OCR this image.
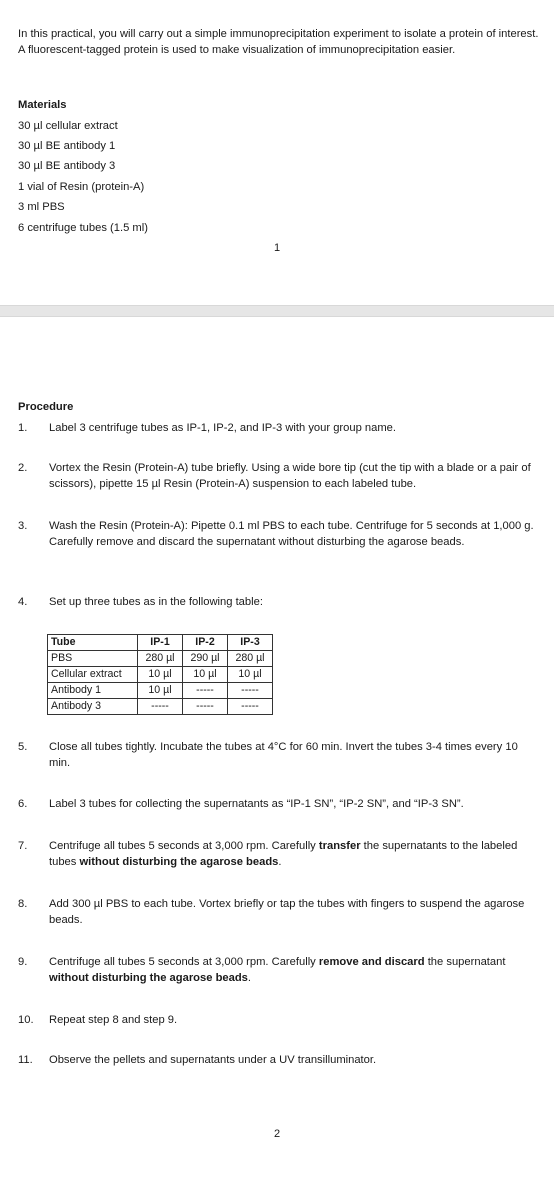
In this practical, you will carry out a simple immunoprecipitation experiment to isolate a protein of interest. A fluorescent-tagged protein is used to make visualization of immunoprecipitation easier.
Materials
30 µl cellular extract
30 µl BE antibody 1
30 µl BE antibody 3
1 vial of Resin (protein-A)
3 ml PBS
6 centrifuge tubes (1.5 ml)
1
Procedure
1.	Label 3 centrifuge tubes as IP-1, IP-2, and IP-3 with your group name.
2.	Vortex the Resin (Protein-A) tube briefly. Using a wide bore tip (cut the tip with a blade or a pair of scissors), pipette 15 µl Resin (Protein-A) suspension to each labeled tube.
3.	Wash the Resin (Protein-A): Pipette 0.1 ml PBS to each tube. Centrifuge for 5 seconds at 1,000 g. Carefully remove and discard the supernatant without disturbing the agarose beads.
4.	Set up three tubes as in the following table:
Tube	IP-1	IP-2	IP-3
PBS	280 µl	290 µl	280 µl
Cellular extract	10 µl	10 µl	10 µl
Antibody 1	10 µl	-----	-----
Antibody 3	-----	-----	-----
5.	Close all tubes tightly. Incubate the tubes at 4°C for 60 min. Invert the tubes 3-4 times every 10 min.
6.	Label 3 tubes for collecting the supernatants as “IP-1 SN”, “IP-2 SN”, and “IP-3 SN”.
7.	Centrifuge all tubes 5 seconds at 3,000 rpm. Carefully transfer the supernatants to the labeled tubes without disturbing the agarose beads.
8.	Add 300 µl PBS to each tube. Vortex briefly or tap the tubes with fingers to suspend the agarose beads.
9.	Centrifuge all tubes 5 seconds at 3,000 rpm. Carefully remove and discard the supernatant without disturbing the agarose beads.
10.	Repeat step 8 and step 9.
11.	Observe the pellets and supernatants under a UV transilluminator.
2
